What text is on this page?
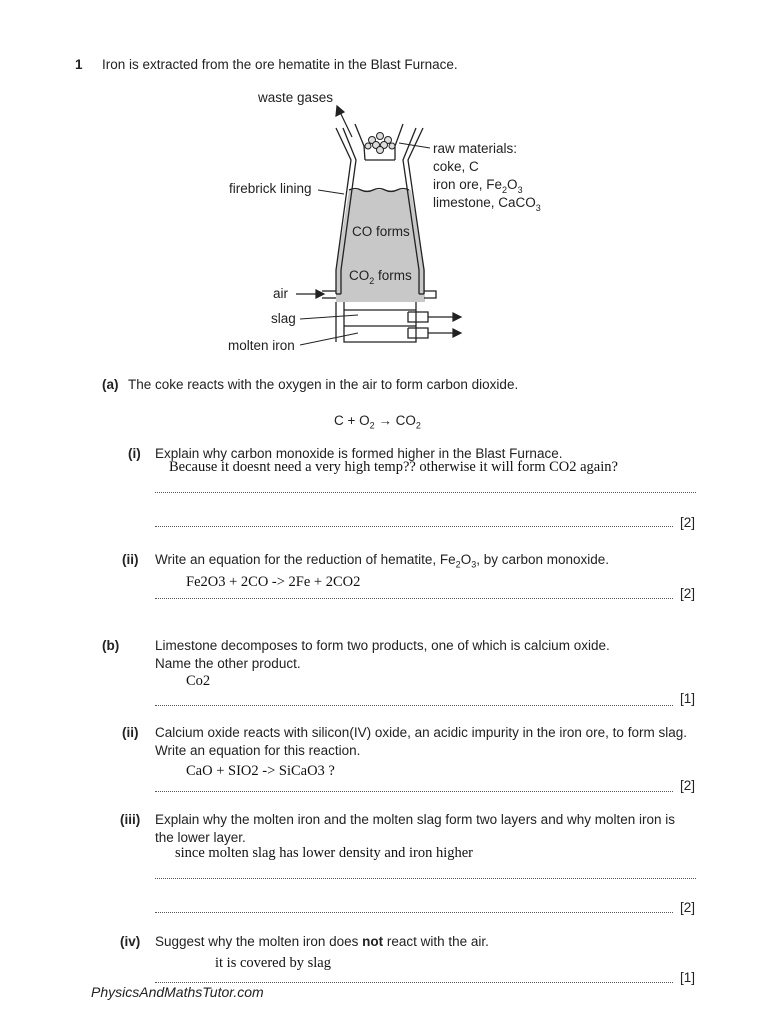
1 Iron is extracted from the ore hematite in the Blast Furnace.
waste gases
raw materials:
coke, C
iron ore, $Fe_2O_3$
limestone, CaCO$_3$
firebrick lining
CO forms
$CO_2$ forms
air
slag
molten iron
(a) The coke reacts with the oxygen in the air to form carbon dioxide.
$C + O_2 \to CO_2$
(i) Explain why carbon monoxide is formed higher in the Blast Furnace.
Because it doesnt need a very high temp?? otherwise it will form CO2 again?
[2]
(ii) Write an equation for the reduction of hematite, $Fe_2O_3$, by carbon monoxide.
Fe2O3 + 2CO -> 2Fe + 2CO2
[2]
(b)	Limestone decomposes to form two products, one of which is calcium oxide.
Name the other product.
Co2
[1]
(ii) Calcium oxide reacts with silicon(IV) oxide, an acidic impurity in the iron ore, to form slag.
Write an equation for this reaction.
CaO + SIO2 -> SiCaO3 ?
[2]
(iii) Explain why the molten iron and the molten slag form two layers and why molten iron is
the lower layer.
since molten slag has lower density and iron higher
[2]
(iv) Suggest why the molten iron does not react with the air.
it is covered by slag
[1]
PhysicsAndMathsTutor.com
